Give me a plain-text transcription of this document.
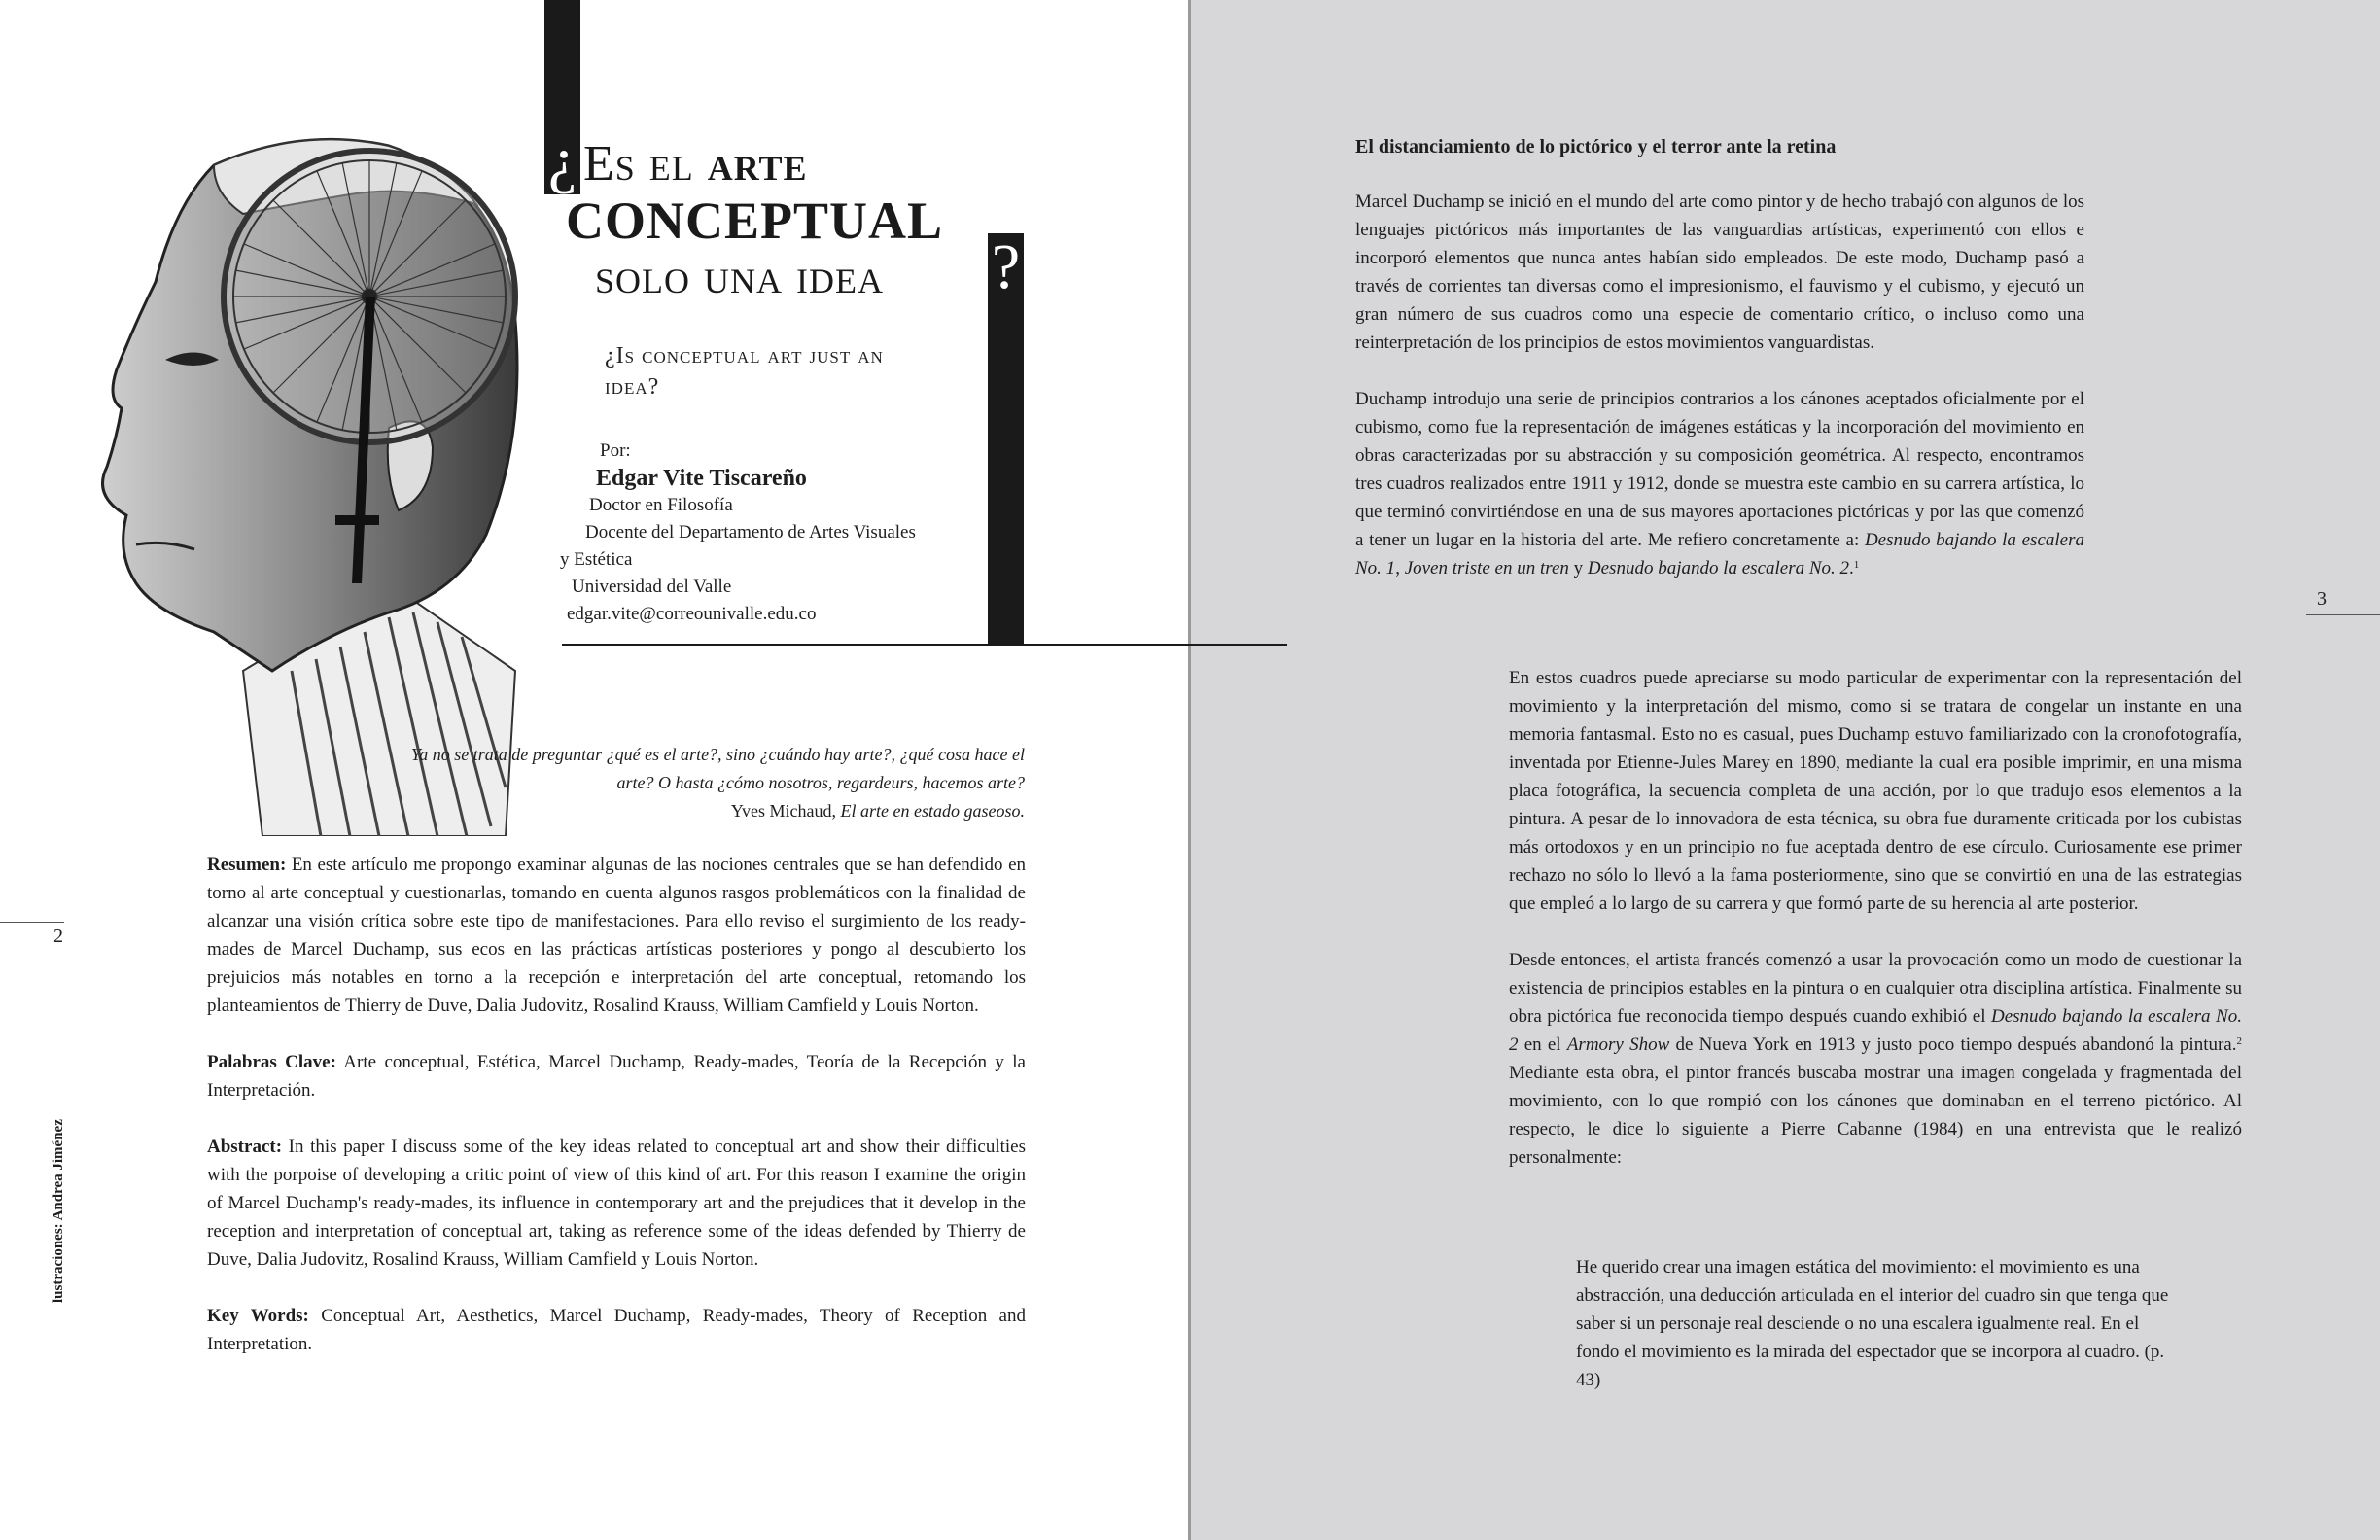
¿
?
Es el arte
CONCEPTUAL
solo una idea
¿Is conceptual art just an idea?
Por:
Edgar Vite Tiscareño
Doctor en Filosofía
Docente del Departamento de Artes Visuales
y Estética
Universidad del Valle
edgar.vite@correounivalle.edu.co
Ya no se trata de preguntar ¿qué es el arte?, sino ¿cuándo hay arte?, ¿qué cosa hace el arte? O hasta ¿cómo nosotros, regardeurs, hacemos arte?
Yves Michaud, El arte en estado gaseoso.

Resumen: En este artículo me propongo examinar algunas de las nociones centrales que se han defendido en torno al arte conceptual y cuestionarlas, tomando en cuenta algunos rasgos problemáticos con la finalidad de alcanzar una visión crítica sobre este tipo de manifestaciones. Para ello reviso el surgimiento de los ready-mades de Marcel Duchamp, sus ecos en las prácticas artísticas posteriores y pongo al descubierto los prejuicios más notables en torno a la recepción e interpretación del arte conceptual, retomando los planteamientos de Thierry de Duve, Dalia Judovitz, Rosalind Krauss, William Camfield y Louis Norton.

Palabras Clave: Arte conceptual, Estética, Marcel Duchamp, Ready-mades, Teoría de la Recepción y la Interpretación.

Abstract: In this paper I discuss some of the key ideas related to conceptual art and show their difficulties with the porpoise of developing a critic point of view of this kind of art. For this reason I examine the origin of Marcel Duchamp's ready-mades, its influence in contemporary art and the prejudices that it develop in the reception and interpretation of conceptual art, taking as reference some of the ideas defended by Thierry de Duve, Dalia Judovitz, Rosalind Krauss, William Camfield y Louis Norton.

Key Words: Conceptual Art, Aesthetics, Marcel Duchamp, Ready-mades, Theory of Reception and Interpretation.

2
lustraciones: Andrea Jiménez
3
El distanciamiento de lo pictórico y el terror ante la retina

Marcel Duchamp se inició en el mundo del arte como pintor y de hecho trabajó con algunos de los lenguajes pictóricos más importantes de las vanguardias artísticas, experimentó con ellos e incorporó elementos que nunca antes habían sido empleados. De este modo, Duchamp pasó a través de corrientes tan diversas como el impresionismo, el fauvismo y el cubismo, y ejecutó un gran número de sus cuadros como una especie de comentario crítico, o incluso como una reinterpretación de los principios de estos movimientos vanguardistas.

Duchamp introdujo una serie de principios contrarios a los cánones aceptados oficialmente por el cubismo, como fue la representación de imágenes estáticas y la incorporación del movimiento en obras caracterizadas por su abstracción y su composición geométrica. Al respecto, encontramos tres cuadros realizados entre 1911 y 1912, donde se muestra este cambio en su carrera artística, lo que terminó convirtiéndose en una de sus mayores aportaciones pictóricas y por las que comenzó a tener un lugar en la historia del arte. Me refiero concretamente a: Desnudo bajando la escalera No. 1, Joven triste en un tren y Desnudo bajando la escalera No. 2.$^1$

En estos cuadros puede apreciarse su modo particular de experimentar con la representación del movimiento y la interpretación del mismo, como si se tratara de congelar un instante en una memoria fantasmal. Esto no es casual, pues Duchamp estuvo familiarizado con la cronofotografía, inventada por Etienne-Jules Marey en 1890, mediante la cual era posible imprimir, en una misma placa fotográfica, la secuencia completa de una acción, por lo que tradujo esos elementos a la pintura. A pesar de lo innovadora de esta técnica, su obra fue duramente criticada por los cubistas más ortodoxos y en un principio no fue aceptada dentro de ese círculo. Curiosamente ese primer rechazo no sólo lo llevó a la fama posteriormente, sino que se convirtió en una de las estrategias que empleó a lo largo de su carrera y que formó parte de su herencia al arte posterior.

Desde entonces, el artista francés comenzó a usar la provocación como un modo de cuestionar la existencia de principios estables en la pintura o en cualquier otra disciplina artística. Finalmente su obra pictórica fue reconocida tiempo después cuando exhibió el Desnudo bajando la escalera No. 2 en el Armory Show de Nueva York en 1913 y justo poco tiempo después abandonó la pintura.$^2$ Mediante esta obra, el pintor francés buscaba mostrar una imagen congelada y fragmentada del movimiento, con lo que rompió con los cánones que dominaban en el terreno pictórico. Al respecto, le dice lo siguiente a Pierre Cabanne (1984) en una entrevista que le realizó personalmente:

He querido crear una imagen estática del movimiento: el movimiento es una abstracción, una deducción articulada en el interior del cuadro sin que tenga que saber si un personaje real desciende o no una escalera igualmente real. En el fondo el movimiento es la mirada del espectador que se incorpora al cuadro. (p. 43)
